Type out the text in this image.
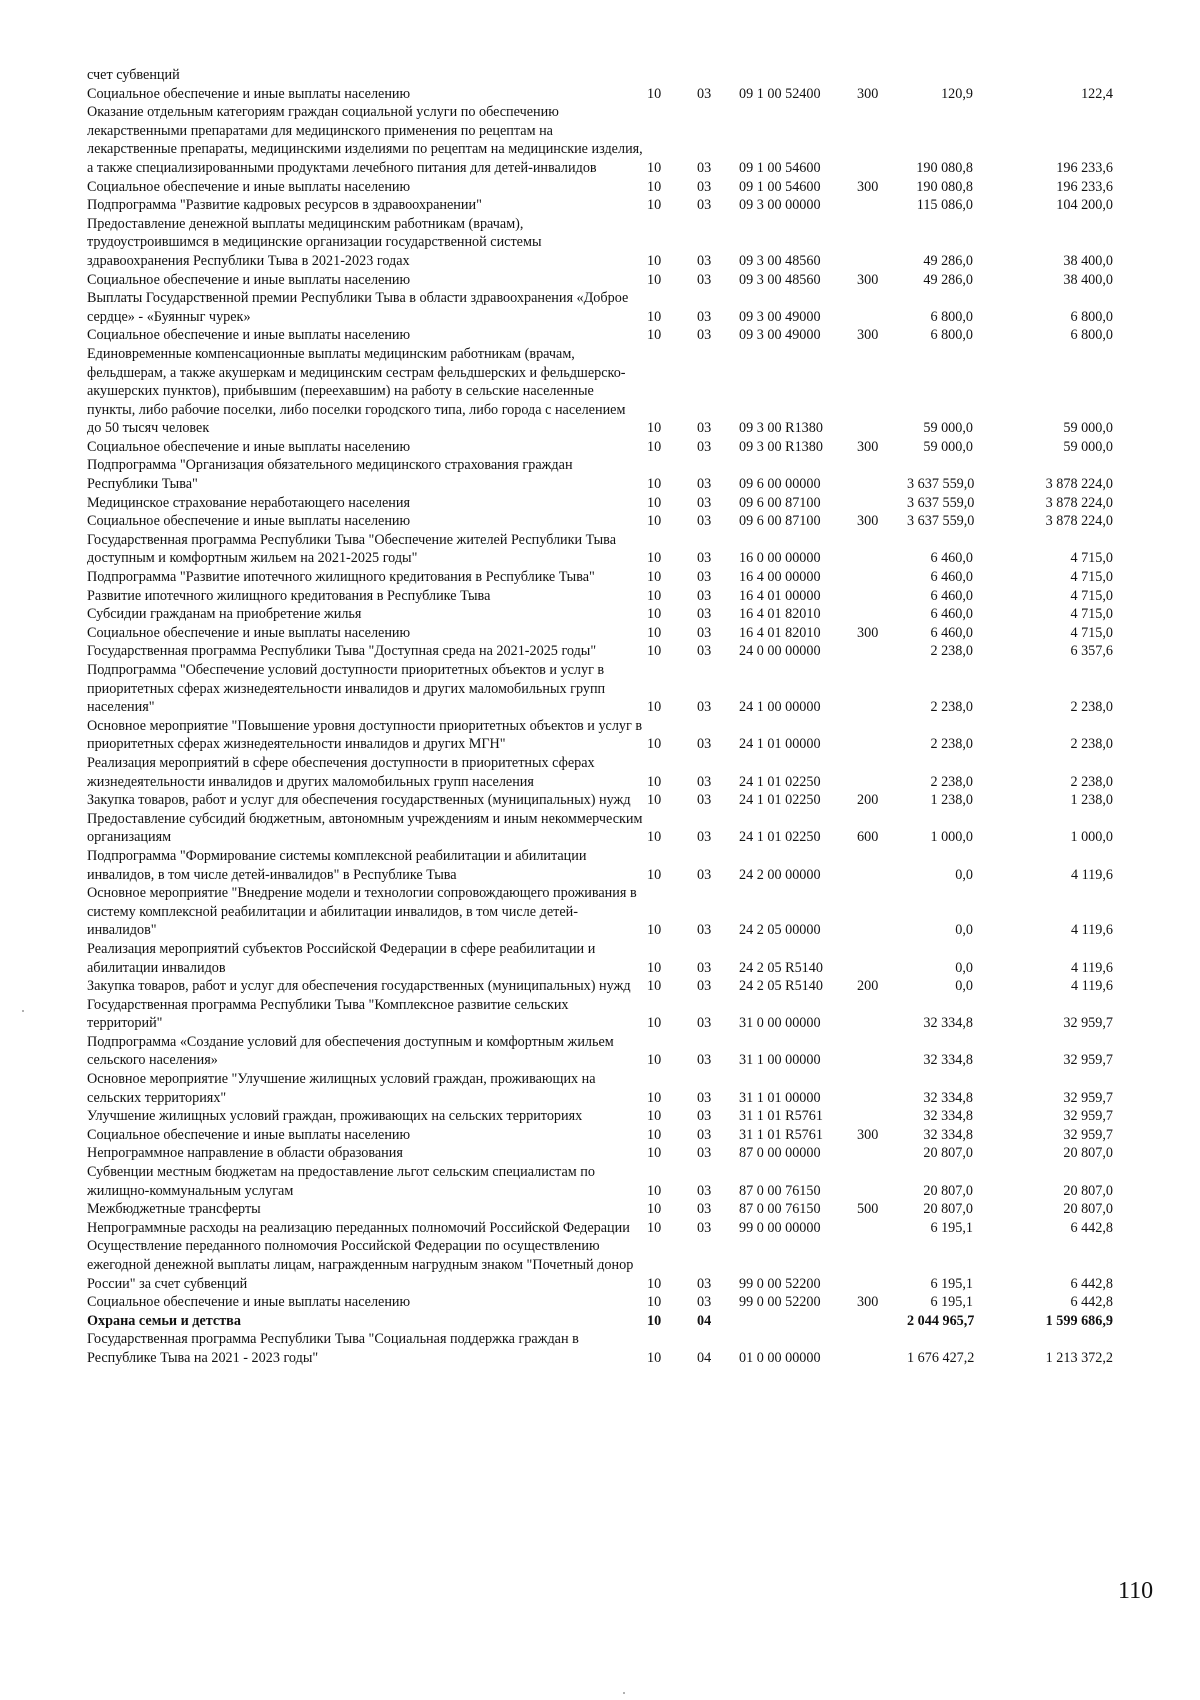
счет субвенций						
Социальное обеспечение и иные выплаты населению	10	03	09 1 00 52400	300	120,9	122,4
Оказание отдельным категориям граждан социальной услуги по обеспечению лекарственными препаратами для медицинского применения по рецептам на лекарственные препараты, медицинскими изделиями по рецептам на медицинские изделия, а также специализированными продуктами лечебного питания для детей-инвалидов	10	03	09 1 00 54600		190 080,8	196 233,6
Социальное обеспечение и иные выплаты населению	10	03	09 1 00 54600	300	190 080,8	196 233,6
Подпрограмма "Развитие кадровых ресурсов в здравоохранении"	10	03	09 3 00 00000		115 086,0	104 200,0
Предоставление денежной выплаты медицинским работникам (врачам), трудоустроившимся в медицинские организации государственной системы здравоохранения Республики Тыва в 2021-2023 годах	10	03	09 3 00 48560		49 286,0	38 400,0
Социальное обеспечение и иные выплаты населению	10	03	09 3 00 48560	300	49 286,0	38 400,0
Выплаты Государственной премии Республики Тыва в области здравоохранения «Доброе сердце» - «Буянныг чурек»	10	03	09 3 00 49000		6 800,0	6 800,0
Социальное обеспечение и иные выплаты населению	10	03	09 3 00 49000	300	6 800,0	6 800,0
Единовременные компенсационные выплаты медицинским работникам (врачам, фельдшерам, а также акушеркам и медицинским сестрам фельдшерских и фельдшерско-акушерских пунктов), прибывшим (переехавшим) на работу в сельские населенные пункты, либо рабочие поселки, либо поселки городского типа, либо города с населением до 50 тысяч человек	10	03	09 3 00 R1380		59 000,0	59 000,0
Социальное обеспечение и иные выплаты населению	10	03	09 3 00 R1380	300	59 000,0	59 000,0
Подпрограмма "Организация обязательного медицинского страхования граждан Республики Тыва"	10	03	09 6 00 00000		3 637 559,0	3 878 224,0
Медицинское страхование неработающего населения	10	03	09 6 00 87100		3 637 559,0	3 878 224,0
Социальное обеспечение и иные выплаты населению	10	03	09 6 00 87100	300	3 637 559,0	3 878 224,0
Государственная программа Республики Тыва "Обеспечение жителей Республики Тыва доступным и комфортным жильем на 2021-2025 годы"	10	03	16 0 00 00000		6 460,0	4 715,0
Подпрограмма "Развитие ипотечного жилищного кредитования в Республике Тыва"	10	03	16 4 00 00000		6 460,0	4 715,0
Развитие ипотечного жилищного кредитования в Республике Тыва	10	03	16 4 01 00000		6 460,0	4 715,0
Субсидии гражданам на приобретение жилья	10	03	16 4 01 82010		6 460,0	4 715,0
Социальное обеспечение и иные выплаты населению	10	03	16 4 01 82010	300	6 460,0	4 715,0
Государственная программа Республики Тыва "Доступная среда на 2021-2025 годы"	10	03	24 0 00 00000		2 238,0	6 357,6
Подпрограмма "Обеспечение условий доступности приоритетных объектов и услуг в приоритетных сферах жизнедеятельности инвалидов и других маломобильных групп населения"	10	03	24 1 00 00000		2 238,0	2 238,0
Основное мероприятие "Повышение уровня доступности приоритетных объектов и услуг в приоритетных сферах жизнедеятельности инвалидов и других МГН"	10	03	24 1 01 00000		2 238,0	2 238,0
Реализация мероприятий в сфере обеспечения доступности в приоритетных сферах жизнедеятельности инвалидов и других маломобильных групп населения	10	03	24 1 01 02250		2 238,0	2 238,0
Закупка товаров, работ и услуг для обеспечения государственных (муниципальных) нужд	10	03	24 1 01 02250	200	1 238,0	1 238,0
Предоставление субсидий бюджетным, автономным учреждениям и иным некоммерческим организациям	10	03	24 1 01 02250	600	1 000,0	1 000,0
Подпрограмма "Формирование системы комплексной реабилитации и абилитации инвалидов, в том числе детей-инвалидов" в Республике Тыва	10	03	24 2 00 00000		0,0	4 119,6
Основное мероприятие "Внедрение модели и технологии сопровождающего проживания в систему комплексной реабилитации и абилитации инвалидов, в том числе детей-инвалидов"	10	03	24 2 05 00000		0,0	4 119,6
Реализация мероприятий субъектов Российской Федерации в сфере реабилитации и абилитации инвалидов	10	03	24 2 05 R5140		0,0	4 119,6
Закупка товаров, работ и услуг для обеспечения государственных (муниципальных) нужд	10	03	24 2 05 R5140	200	0,0	4 119,6
Государственная программа Республики Тыва "Комплексное развитие сельских территорий"	10	03	31 0 00 00000		32 334,8	32 959,7
Подпрограмма «Создание условий для обеспечения доступным и комфортным жильем сельского населения»	10	03	31 1 00 00000		32 334,8	32 959,7
Основное мероприятие "Улучшение жилищных условий граждан, проживающих на сельских территориях"	10	03	31 1 01 00000		32 334,8	32 959,7
Улучшение жилищных условий граждан, проживающих на сельских территориях	10	03	31 1 01 R5761		32 334,8	32 959,7
Социальное обеспечение и иные выплаты населению	10	03	31 1 01 R5761	300	32 334,8	32 959,7
Непрограммное направление в области образования	10	03	87 0 00 00000		20 807,0	20 807,0
Субвенции местным бюджетам на предоставление льгот сельским специалистам по жилищно-коммунальным услугам	10	03	87 0 00 76150		20 807,0	20 807,0
Межбюджетные трансферты	10	03	87 0 00 76150	500	20 807,0	20 807,0
Непрограммные расходы на реализацию переданных полномочий Российской Федерации	10	03	99 0 00 00000		6 195,1	6 442,8
Осуществление переданного полномочия Российской Федерации по осуществлению ежегодной денежной выплаты лицам, награжденным нагрудным знаком "Почетный донор России" за счет субвенций	10	03	99 0 00 52200		6 195,1	6 442,8
Социальное обеспечение и иные выплаты населению	10	03	99 0 00 52200	300	6 195,1	6 442,8
Охрана семьи и детства	10	04			2 044 965,7	1 599 686,9
Государственная программа Республики Тыва "Социальная поддержка граждан в Республике Тыва на 2021 - 2023 годы"	10	04	01 0 00 00000		1 676 427,2	1 213 372,2
110
